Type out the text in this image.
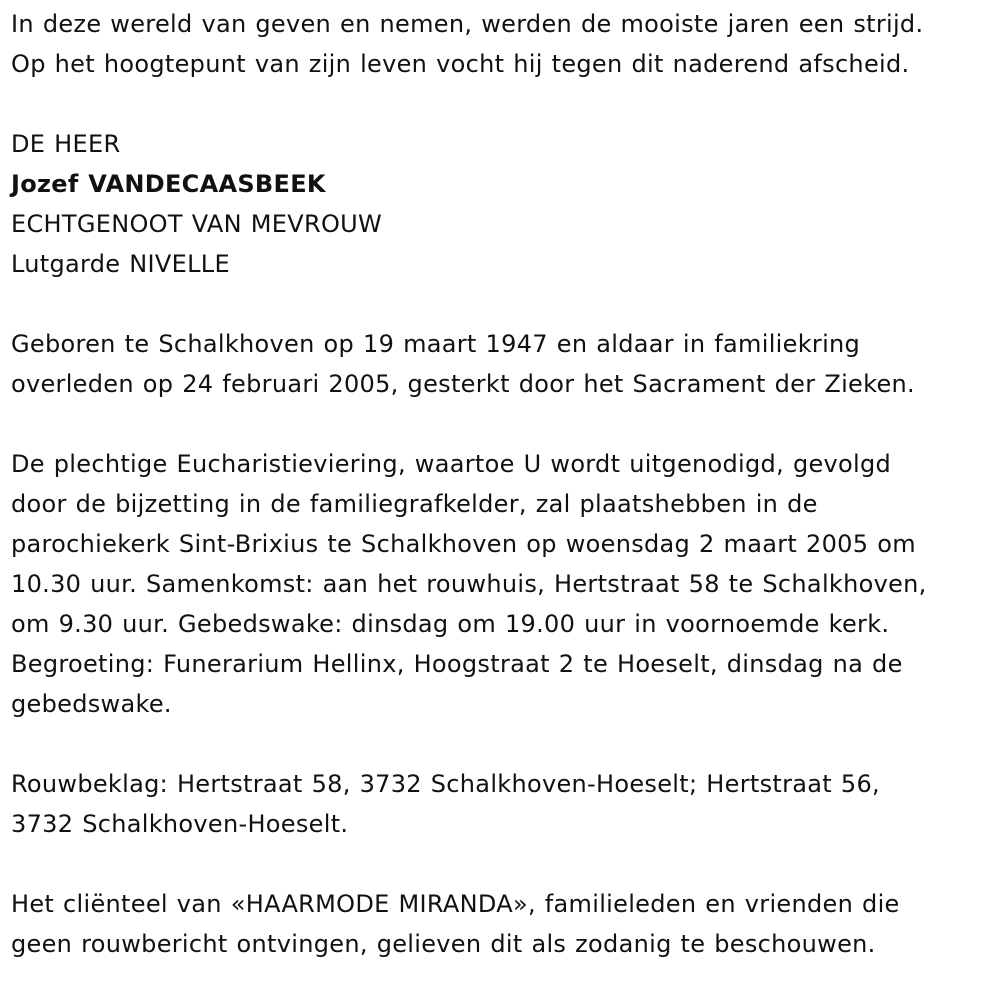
In deze wereld van geven en nemen, werden de mooiste jaren een strijd.

Op het hoogtepunt van zijn leven vocht hij tegen dit naderend afscheid.

DE HEER

Jozef VANDECAASBEEK

ECHTGENOOT VAN MEVROUW

Lutgarde NIVELLE

Geboren te Schalkhoven op 19 maart 1947 en aldaar in familiekring

overleden op 24 februari 2005, gesterkt door het Sacrament der Zieken.

De plechtige Eucharistieviering, waartoe U wordt uitgenodigd, gevolgd

door de bijzetting in de familiegrafkelder, zal plaatshebben in de

parochiekerk Sint-Brixius te Schalkhoven op woensdag 2 maart 2005 om

10.30 uur. Samenkomst: aan het rouwhuis, Hertstraat 58 te Schalkhoven,

om 9.30 uur. Gebedswake: dinsdag om 19.00 uur in voornoemde kerk.

Begroeting: Funerarium Hellinx, Hoogstraat 2 te Hoeselt, dinsdag na de

gebedswake.

Rouwbeklag: Hertstraat 58, 3732 Schalkhoven-Hoeselt; Hertstraat 56,

3732 Schalkhoven-Hoeselt.

Het cliënteel van «HAARMODE MIRANDA», familieleden en vrienden die

geen rouwbericht ontvingen, gelieven dit als zodanig te beschouwen.
